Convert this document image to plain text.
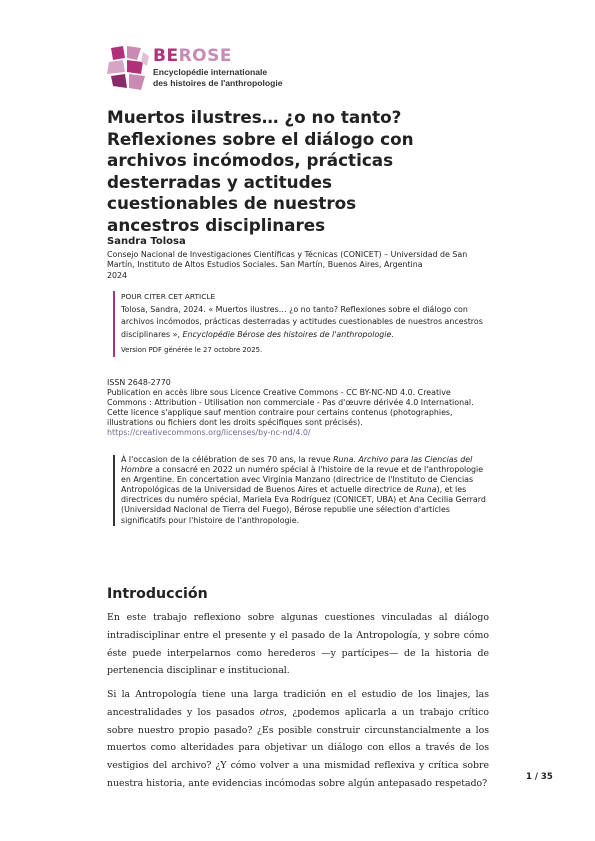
BEROSE
Encyclopédie internationale
des histoires de l'anthropologie
Muertos ilustres… ¿o no tanto? Reflexiones sobre el diálogo con archivos incómodos, prácticas desterradas y actitudes cuestionables de nuestros ancestros disciplinares
Sandra Tolosa
Consejo Nacional de Investigaciones Científicas y Técnicas (CONICET) – Universidad de San Martín, Instituto de Altos Estudios Sociales. San Martín, Buenos Aires, Argentina
2024
POUR CITER CET ARTICLE
Tolosa, Sandra, 2024. « Muertos ilustres… ¿o no tanto? Reflexiones sobre el diálogo con archivos incómodos, prácticas desterradas y actitudes cuestionables de nuestros ancestros disciplinares », Encyclopédie Bérose des histoires de l'anthropologie.
Version PDF générée le 27 octobre 2025.
ISSN 2648-2770
Publication en accès libre sous Licence Creative Commons - CC BY-NC-ND 4.0. Creative Commons : Attribution - Utilisation non commerciale - Pas d'œuvre dérivée 4.0 International. Cette licence s'applique sauf mention contraire pour certains contenus (photographies, illustrations ou fichiers dont les droits spécifiques sont précisés).
https://creativecommons.org/licenses/by-nc-nd/4.0/
À l'occasion de la célébration de ses 70 ans, la revue Runa. Archivo para las Ciencias del Hombre a consacré en 2022 un numéro spécial à l'histoire de la revue et de l'anthropologie en Argentine. En concertation avec Virginia Manzano (directrice de l'Instituto de Ciencias Antropológicas de la Universidad de Buenos Aires et actuelle directrice de Runa), et les directrices du numéro spécial, Mariela Eva Rodríguez (CONICET, UBA) et Ana Cecilia Gerrard (Universidad Nacional de Tierra del Fuego), Bérose republie une sélection d'articles significatifs pour l'histoire de l'anthropologie.
Introducción
En este trabajo reflexiono sobre algunas cuestiones vinculadas al diálogo intradisciplinar entre el presente y el pasado de la Antropología, y sobre cómo éste puede interpelarnos como herederos —y partícipes— de la historia de pertenencia disciplinar e institucional.
Si la Antropología tiene una larga tradición en el estudio de los linajes, las ancestralidades y los pasados otros, ¿podemos aplicarla a un trabajo crítico sobre nuestro propio pasado? ¿Es posible construir circunstancialmente a los muertos como alteridades para objetivar un diálogo con ellos a través de los vestigios del archivo? ¿Y cómo volver a una mismidad reflexiva y crítica sobre nuestra historia, ante evidencias incómodas sobre algún antepasado respetado?
1 / 35
